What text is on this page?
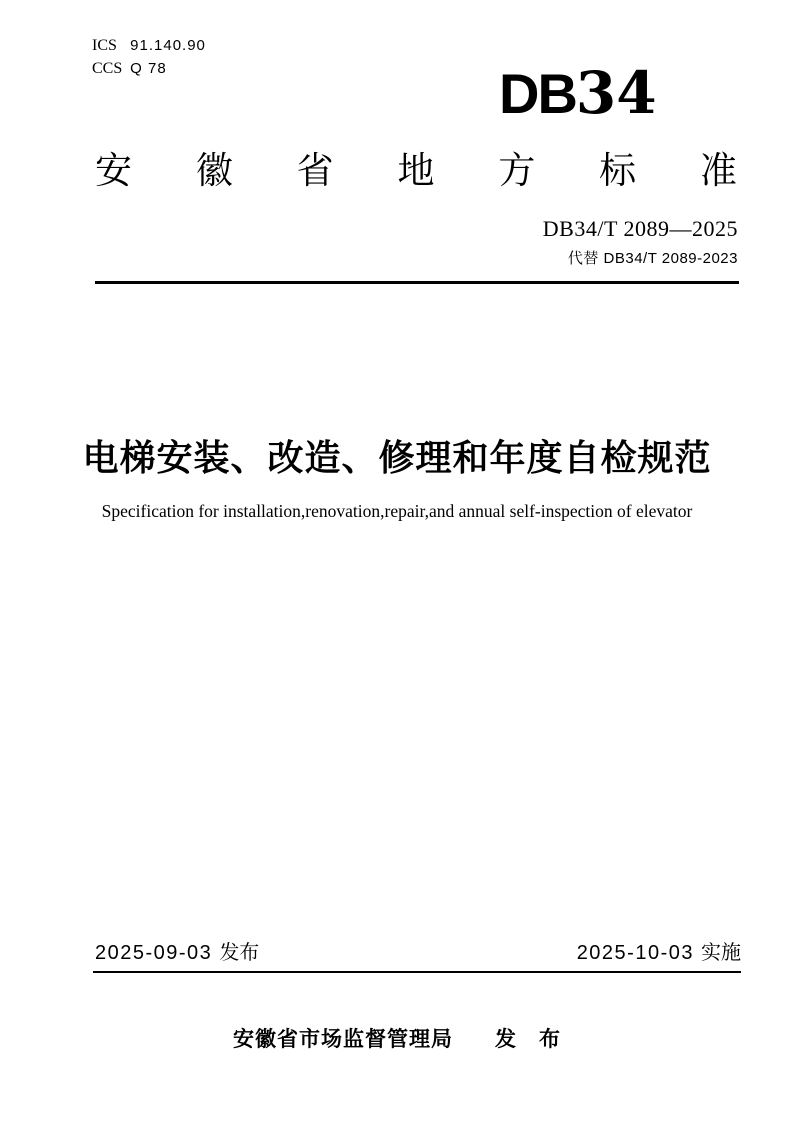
ICS 91.140.90
CCS Q 78	DB34
安 徽 省 地 方 标 准
DB34/T 2089—2025
代替 DB34/T 2089-2023
电梯安装、改造、修理和年度自检规范
Specification for installation,renovation,repair,and annual self-inspection of elevator
2025-09-03 发布	2025-10-03 实施
安徽省市场监督管理局 发　布
